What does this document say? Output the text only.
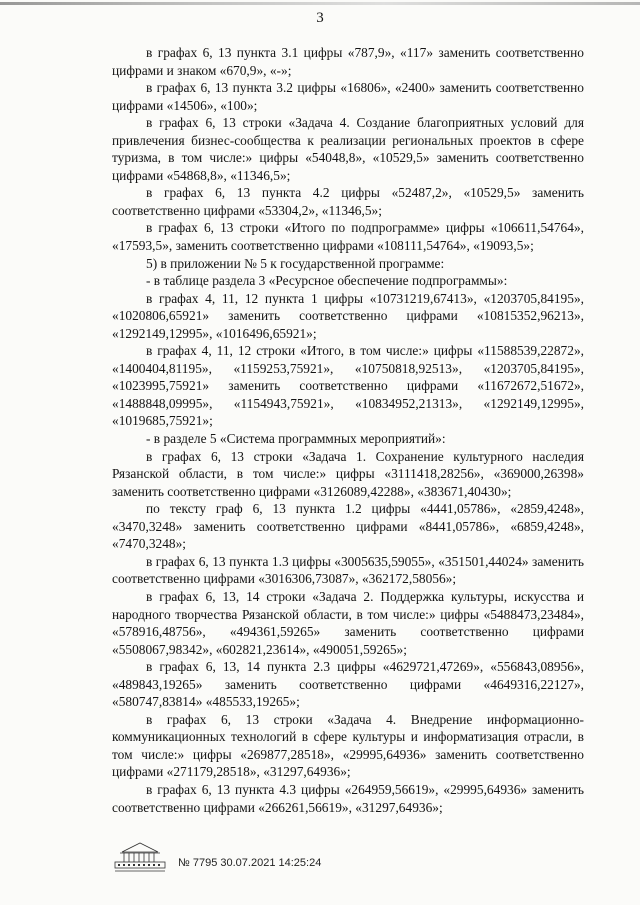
3

в графах 6, 13 пункта 3.1 цифры «787,9», «117» заменить соответственно цифрами и знаком «670,9», «-»;

в графах 6, 13 пункта 3.2 цифры «16806», «2400» заменить соответственно цифрами «14506», «100»;

в графах 6, 13 строки «Задача 4. Создание благоприятных условий для привлечения бизнес-сообщества к реализации региональных проектов в сфере туризма, в том числе:» цифры «54048,8», «10529,5» заменить соответственно цифрами «54868,8», «11346,5»;

в графах 6, 13 пункта 4.2 цифры «52487,2», «10529,5» заменить соответственно цифрами «53304,2», «11346,5»;

в графах 6, 13 строки «Итого по подпрограмме» цифры «106611,54764», «17593,5», заменить соответственно цифрами «108111,54764», «19093,5»;

5) в приложении № 5 к государственной программе:

- в таблице раздела 3 «Ресурсное обеспечение подпрограммы»:

в графах 4, 11, 12 пункта 1 цифры «10731219,67413», «1203705,84195», «1020806,65921» заменить соответственно цифрами «10815352,96213», «1292149,12995», «1016496,65921»;

в графах 4, 11, 12 строки «Итого, в том числе:» цифры «11588539,22872», «1400404,81195», «1159253,75921», «10750818,92513», «1203705,84195», «1023995,75921» заменить соответственно цифрами «11672672,51672», «1488848,09995», «1154943,75921», «10834952,21313», «1292149,12995», «1019685,75921»;

- в разделе 5 «Система программных мероприятий»:

в графах 6, 13 строки «Задача 1. Сохранение культурного наследия Рязанской области, в том числе:» цифры «3111418,28256», «369000,26398» заменить соответственно цифрами «3126089,42288», «383671,40430»;

по тексту граф 6, 13 пункта 1.2 цифры «4441,05786», «2859,4248», «3470,3248» заменить соответственно цифрами «8441,05786», «6859,4248», «7470,3248»;

в графах 6, 13 пункта 1.3 цифры «3005635,59055», «351501,44024» заменить соответственно цифрами «3016306,73087», «362172,58056»;

в графах 6, 13, 14 строки «Задача 2. Поддержка культуры, искусства и народного творчества Рязанской области, в том числе:» цифры «5488473,23484», «578916,48756», «494361,59265» заменить соответственно цифрами «5508067,98342», «602821,23614», «490051,59265»;

в графах 6, 13, 14 пункта 2.3 цифры «4629721,47269», «556843,08956», «489843,19265» заменить соответственно цифрами «4649316,22127», «580747,83814» «485533,19265»;

в графах 6, 13 строки «Задача 4. Внедрение информационно-коммуникационных технологий в сфере культуры и информатизация отрасли, в том числе:» цифры «269877,28518», «29995,64936» заменить соответственно цифрами «271179,28518», «31297,64936»;

в графах 6, 13 пункта 4.3 цифры «264959,56619», «29995,64936» заменить соответственно цифрами «266261,56619», «31297,64936»;

№ 7795 30.07.2021 14:25:24
